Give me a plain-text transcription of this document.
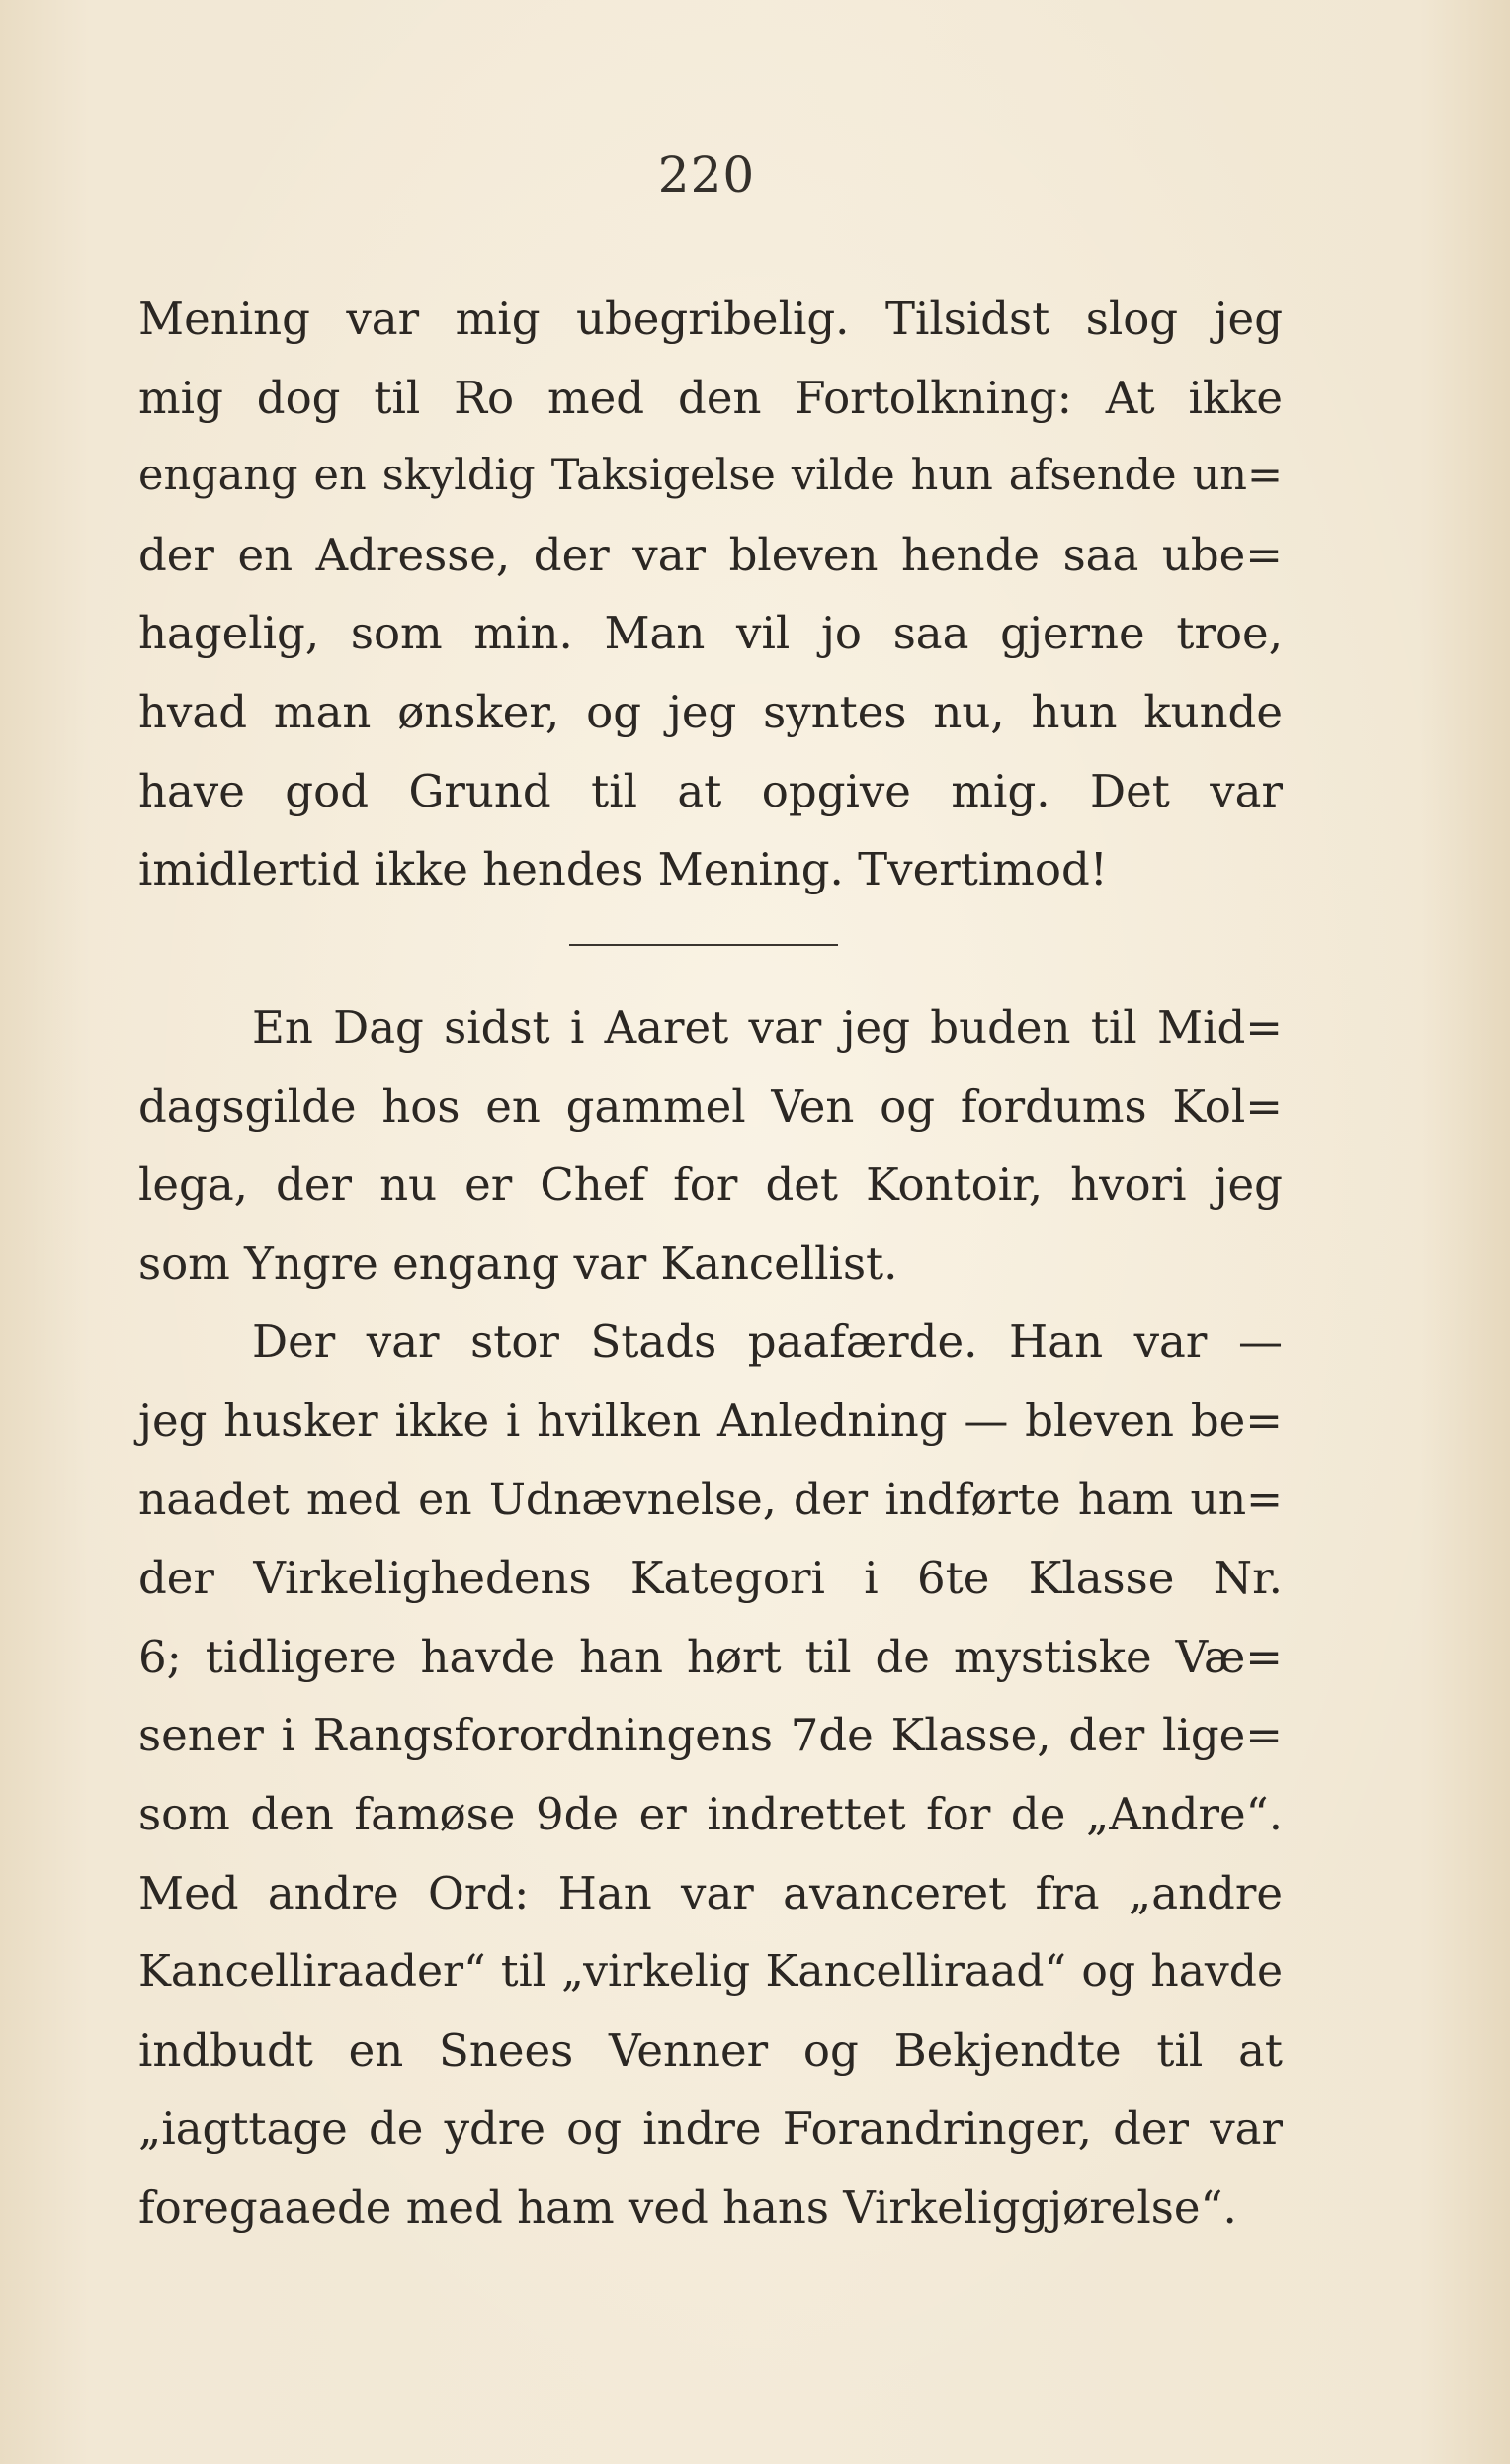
220
Mening var mig ubegribelig. Tilsidst slog jeg
mig dog til Ro med den Fortolkning: At ikke
engang en skyldig Taksigelse vilde hun afsende un=
der en Adresse, der var bleven hende saa ube=
hagelig, som min. Man vil jo saa gjerne troe,
hvad man ønsker, og jeg syntes nu, hun kunde
have god Grund til at opgive mig. Det var
imidlertid ikke hendes Mening. Tvertimod!
En Dag sidst i Aaret var jeg buden til Mid=
dagsgilde hos en gammel Ven og fordums Kol=
lega, der nu er Chef for det Kontoir, hvori jeg
som Yngre engang var Kancellist.
Der var stor Stads paafærde. Han var —
jeg husker ikke i hvilken Anledning — bleven be=
naadet med en Udnævnelse, der indførte ham un=
der Virkelighedens Kategori i 6te Klasse Nr.
6; tidligere havde han hørt til de mystiske Væ=
sener i Rangsforordningens 7de Klasse, der lige=
som den famøse 9de er indrettet for de „Andre“.
Med andre Ord: Han var avanceret fra „andre
Kancelliraader“ til „virkelig Kancelliraad“ og havde
indbudt en Snees Venner og Bekjendte til at
„iagttage de ydre og indre Forandringer, der var
foregaaede med ham ved hans Virkeliggjørelse“.
